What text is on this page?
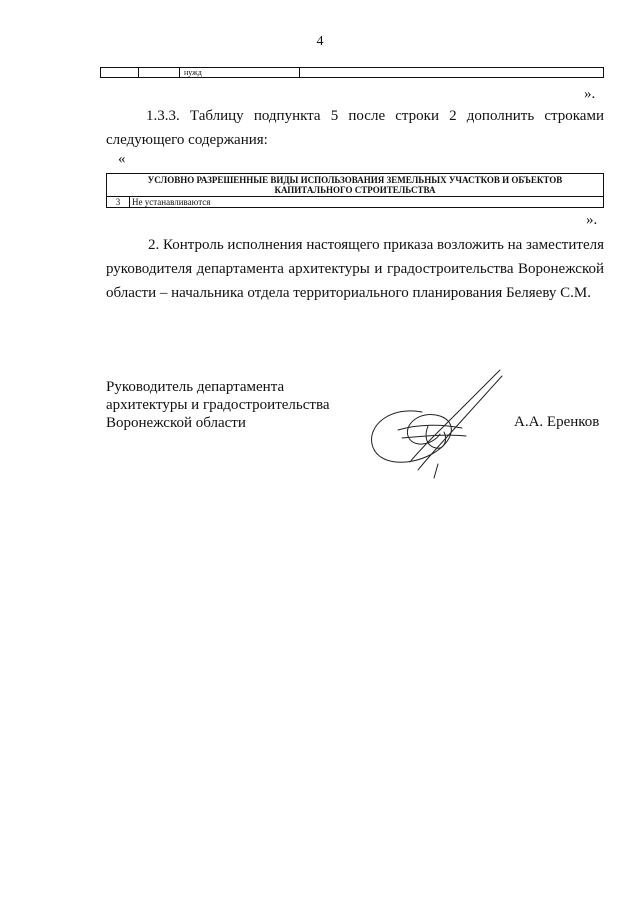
4
		нужд	
».

1.3.3. Таблицу подпункта 5 после строки 2 дополнить строками следующего содержания:

«
УСЛОВНО РАЗРЕШЕННЫЕ ВИДЫ ИСПОЛЬЗОВАНИЯ ЗЕМЕЛЬНЫХ УЧАСТКОВ И ОБЪЕКТОВ КАПИТАЛЬНОГО СТРОИТЕЛЬСТВА
3	Не устанавливаются
».

2. Контроль исполнения настоящего приказа возложить на заместителя руководителя департамента архитектуры и градостроительства Воронежской области – начальника отдела территориального планирования Беляеву С.М.

Руководитель департамента
архитектуры и градостроительства
Воронежской области	А.А. Еренков
